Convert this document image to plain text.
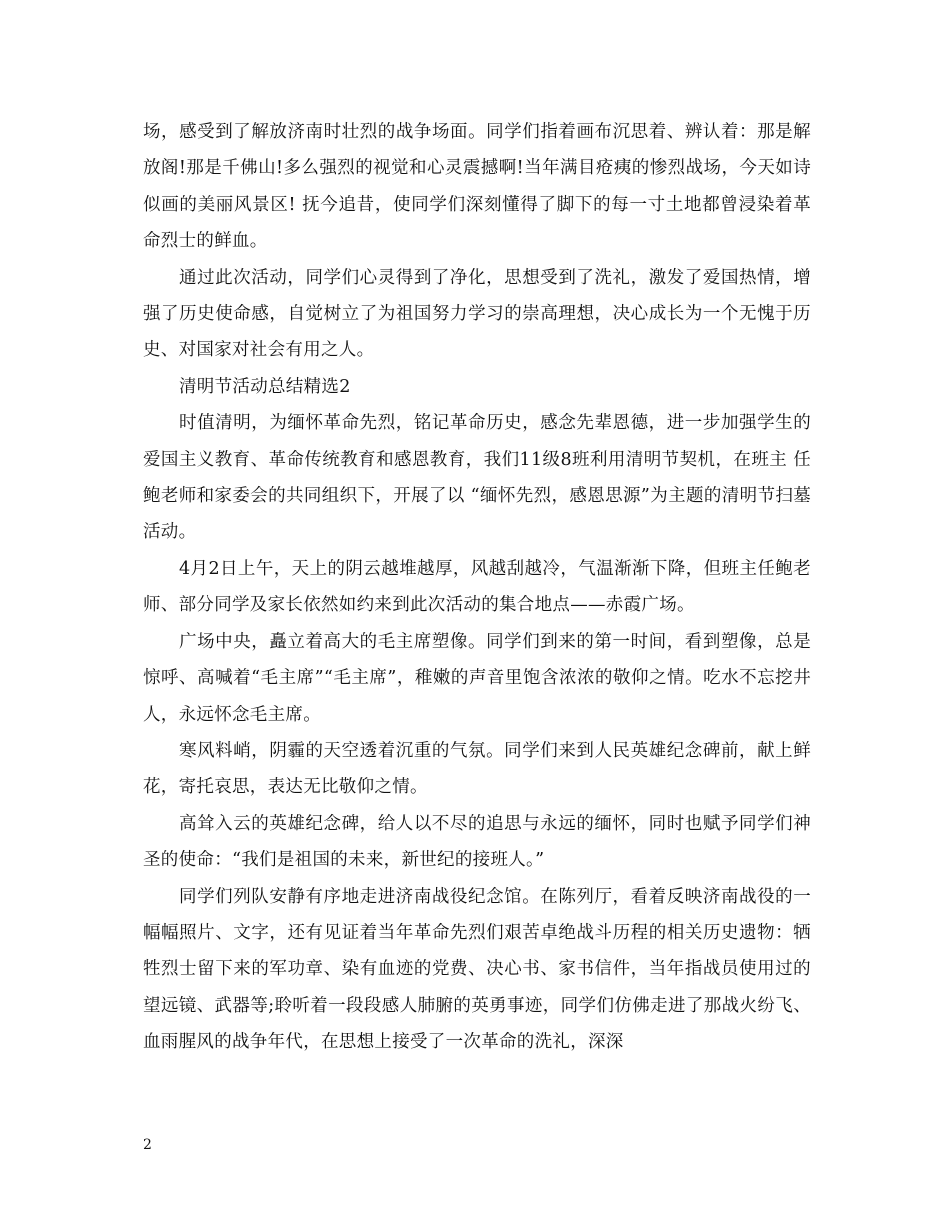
场，感受到了解放济南时壮烈的战争场面。同学们指着画布沉思着、辨认着：那是解放阁!那是千佛山!多么强烈的视觉和心灵震撼啊!当年满目疮痍的惨烈战场，今天如诗似画的美丽风景区! 抚今追昔，使同学们深刻懂得了脚下的每一寸土地都曾浸染着革命烈士的鲜血。

通过此次活动，同学们心灵得到了净化，思想受到了洗礼，激发了爱国热情，增强了历史使命感，自觉树立了为祖国努力学习的崇高理想，决心成长为一个无愧于历史、对国家对社会有用之人。

清明节活动总结精选2

时值清明，为缅怀革命先烈，铭记革命历史，感念先辈恩德，进一步加强学生的爱国主义教育、革命传统教育和感恩教育，我们11级8班利用清明节契机，在班主 任鲍老师和家委会的共同组织下，开展了以 “缅怀先烈，感恩思源”为主题的清明节扫墓活动。

4月2日上午，天上的阴云越堆越厚，风越刮越冷，气温渐渐下降，但班主任鲍老师、部分同学及家长依然如约来到此次活动的集合地点——赤霞广场。

广场中央，矗立着高大的毛主席塑像。同学们到来的第一时间，看到塑像，总是惊呼、高喊着“毛主席”“毛主席”，稚嫩的声音里饱含浓浓的敬仰之情。吃水不忘挖井人，永远怀念毛主席。

寒风料峭，阴霾的天空透着沉重的气氛。同学们来到人民英雄纪念碑前，献上鲜花，寄托哀思，表达无比敬仰之情。

高耸入云的英雄纪念碑，给人以不尽的追思与永远的缅怀，同时也赋予同学们神圣的使命：“我们是祖国的未来，新世纪的接班人。”

同学们列队安静有序地走进济南战役纪念馆。在陈列厅，看着反映济南战役的一幅幅照片、文字，还有见证着当年革命先烈们艰苦卓绝战斗历程的相关历史遗物：牺牲烈士留下来的军功章、染有血迹的党费、决心书、家书信件，当年指战员使用过的望远镜、武器等;聆听着一段段感人肺腑的英勇事迹，同学们仿佛走进了那战火纷飞、血雨腥风的战争年代，在思想上接受了一次革命的洗礼，深深

2
